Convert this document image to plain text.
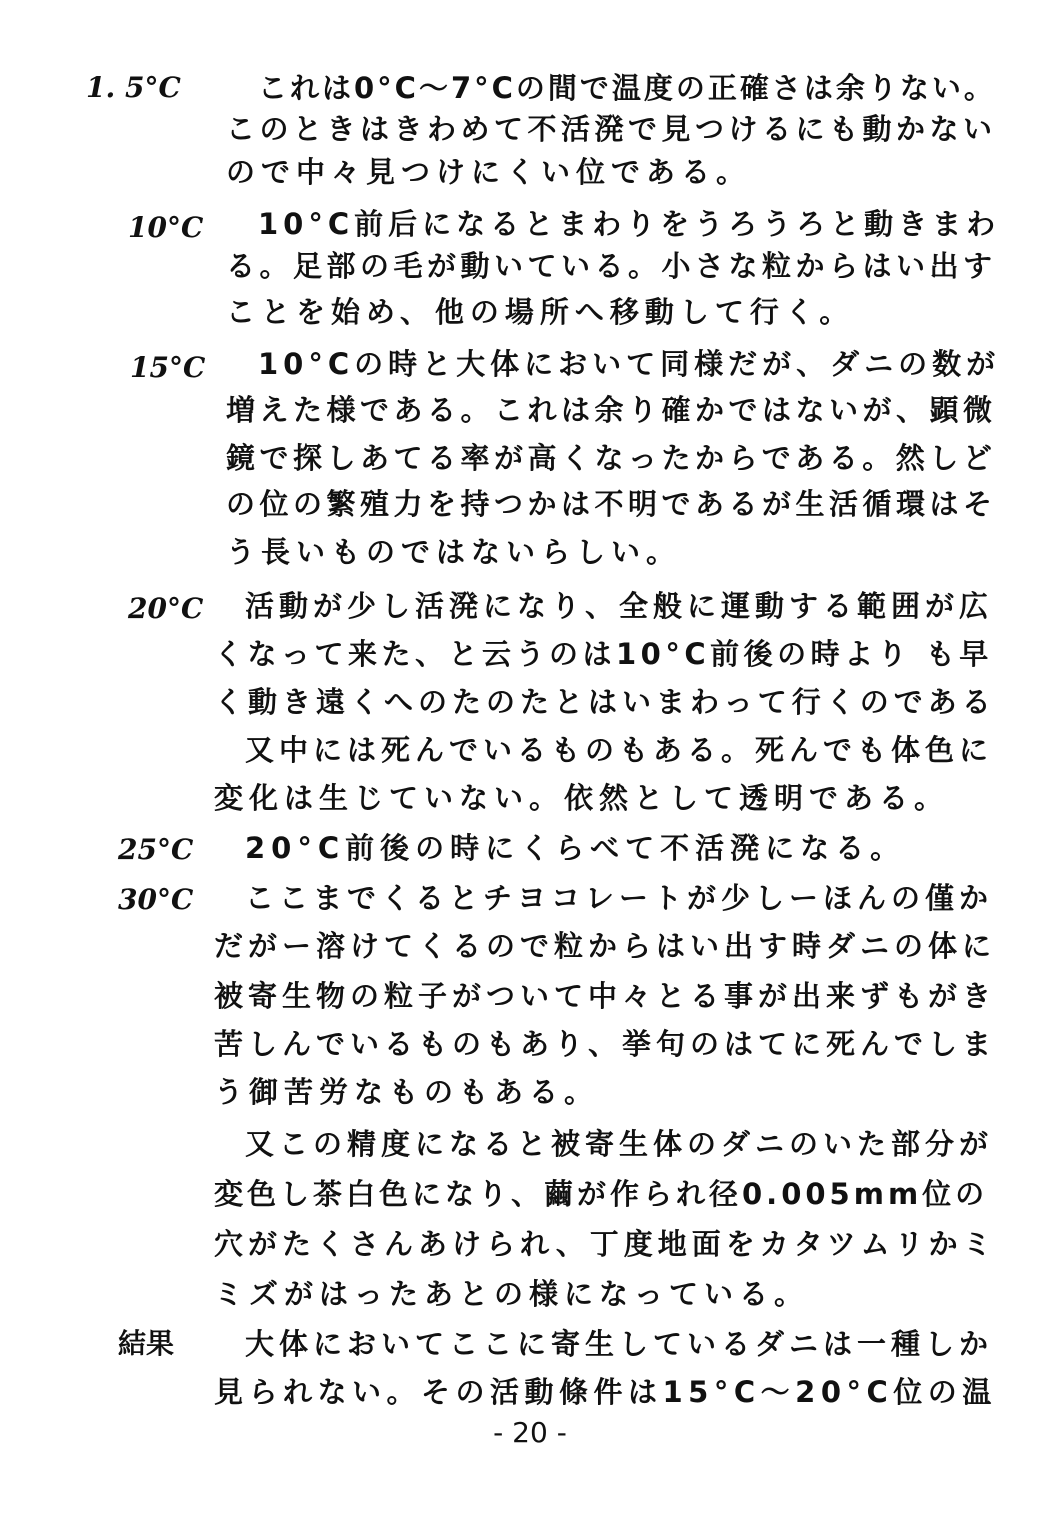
1. 5°C	これは0°C〜7°Cの間で温度の正確さは余りない。
このときはきわめて不活溌で見つけるにも動かない
ので中々見つけにくい位である。
10°C 10°C前后になるとまわりをうろうろと動きまわ
る。足部の毛が動いている。小さな粒からはい出す
ことを始め、他の場所へ移動して行く。
15°C 10°Cの時と大体において同様だが、ダニの数が
増えた様である。これは余り確かではないが、顕微
鏡で探しあてる率が高くなったからである。然しど
の位の繁殖力を持つかは不明であるが生活循環はそ
う長いものではないらしい。
20°C 活動が少し活溌になり、全般に運動する範囲が広
くなって来た、と云うのは10°C前後の時より も早
く動き遠くへのたのたとはいまわって行くのである
又中には死んでいるものもある。死んでも体色に
変化は生じていない。依然として透明である。
25°C 20°C前後の時にくらべて不活溌になる。
30°C ここまでくるとチヨコレートが少しーほんの僅か
だがー溶けてくるので粒からはい出す時ダニの体に
被寄生物の粒子がついて中々とる事が出来ずもがき
苦しんでいるものもあり、挙句のはてに死んでしま
う御苦労なものもある。
又この精度になると被寄生体のダニのいた部分が
変色し茶白色になり、繭が作られ径0.005mm位の
穴がたくさんあけられ、丁度地面をカタツムリかミ
ミズがはったあとの様になっている。
結果 大体においてここに寄生しているダニは一種しか
見られない。その活動條件は15°C〜20°C位の温
- 20 -
